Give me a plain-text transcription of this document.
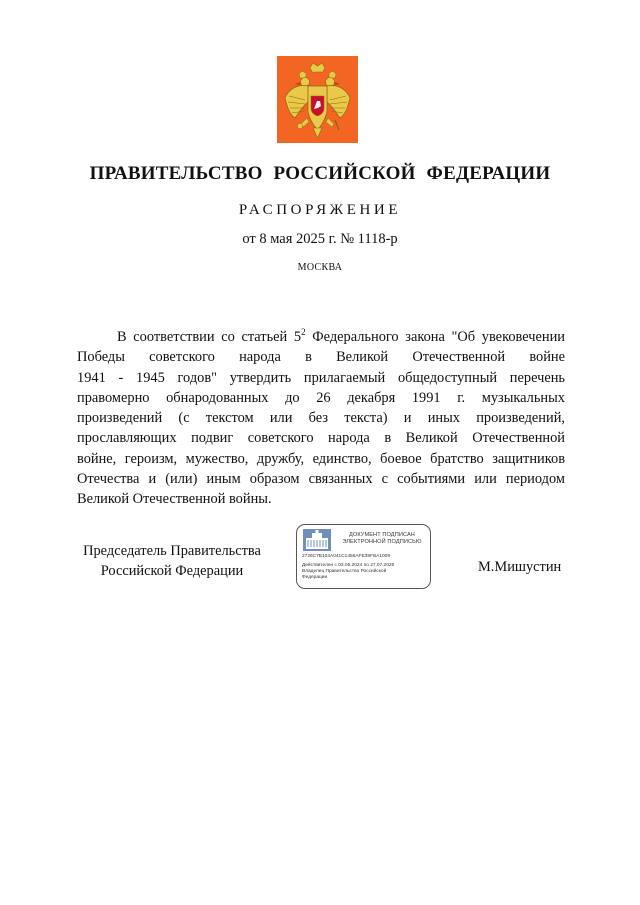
ПРАВИТЕЛЬСТВО РОССИЙСКОЙ ФЕДЕРАЦИИ
РАСПОРЯЖЕНИЕ
от 8 мая 2025 г. № 1118-р
МОСКВА
В соответствии со статьей $5^2$ Федерального закона "Об увековечении
Победы советского народа в Великой Отечественной войне
1941 - 1945 годов" утвердить прилагаемый общедоступный перечень
правомерно обнародованных до 26 декабря 1991 г. музыкальных
произведений (с текстом или без текста) и иных произведений,
прославляющих подвиг советского народа в Великой Отечественной
войне, героизм, мужество, дружбу, единство, боевое братство защитников
Отечества и (или) иным образом связанных с событиями или периодом
Великой Отечественной войны.
Председатель Правительства
Российской Федерации
ДОКУМЕНТ ПОДПИСАН
ЭЛЕКТРОННОЙ ПОДПИСЬЮ
2726C7B104A041C1456AFE38FBA1009
Действителен с 03.05.2024 по 27.07.2025
Владелец Правительство Российской
Федерации
М.Мишустин
